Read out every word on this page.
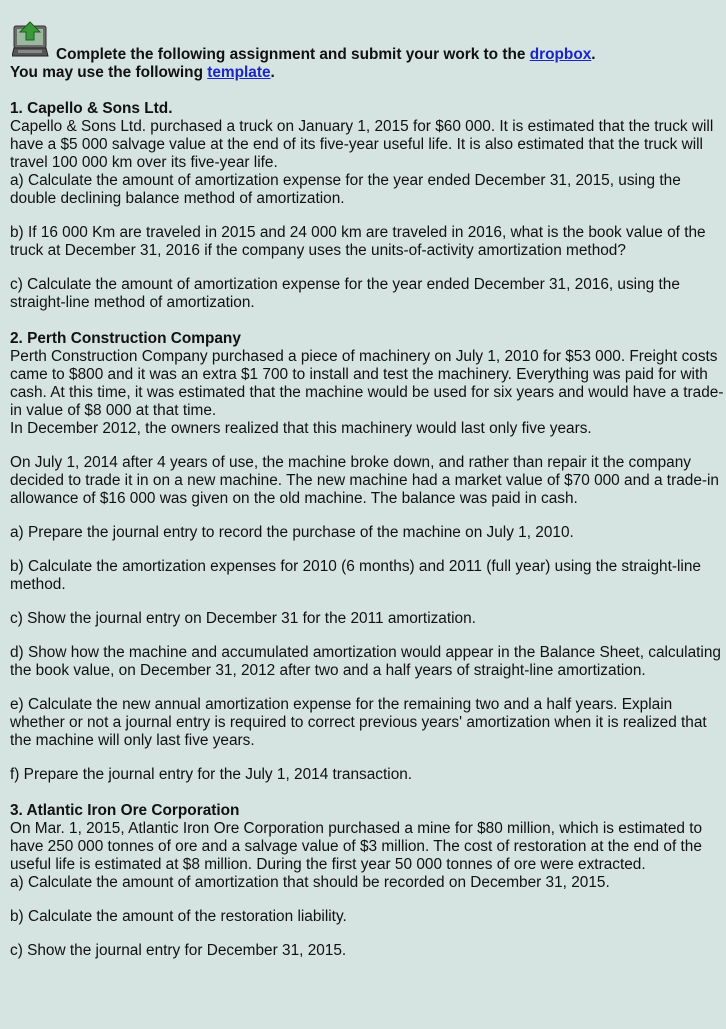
Complete the following assignment and submit your work to the dropbox.
You may use the following template.
1. Capello & Sons Ltd.

Capello & Sons Ltd. purchased a truck on January 1, 2015 for $60 000. It is estimated that the truck will have a $5 000 salvage value at the end of its five-year useful life. It is also estimated that the truck will travel 100 000 km over its five-year life.

a) Calculate the amount of amortization expense for the year ended December 31, 2015, using the double declining balance method of amortization.

b) If 16 000 Km are traveled in 2015 and 24 000 km are traveled in 2016, what is the book value of the truck at December 31, 2016 if the company uses the units-of-activity amortization method?

c) Calculate the amount of amortization expense for the year ended December 31, 2016, using the straight-line method of amortization.

2. Perth Construction Company

Perth Construction Company purchased a piece of machinery on July 1, 2010 for $53 000. Freight costs came to $800 and it was an extra $1 700 to install and test the machinery. Everything was paid for with cash. At this time, it was estimated that the machine would be used for six years and would have a trade-in value of $8 000 at that time.

In December 2012, the owners realized that this machinery would last only five years.

On July 1, 2014 after 4 years of use, the machine broke down, and rather than repair it the company decided to trade it in on a new machine. The new machine had a market value of $70 000 and a trade-in allowance of $16 000 was given on the old machine. The balance was paid in cash.

a) Prepare the journal entry to record the purchase of the machine on July 1, 2010.

b) Calculate the amortization expenses for 2010 (6 months) and 2011 (full year) using the straight-line method.

c) Show the journal entry on December 31 for the 2011 amortization.

d) Show how the machine and accumulated amortization would appear in the Balance Sheet, calculating the book value, on December 31, 2012 after two and a half years of straight-line amortization.

e) Calculate the new annual amortization expense for the remaining two and a half years. Explain whether or not a journal entry is required to correct previous years' amortization when it is realized that the machine will only last five years.

f) Prepare the journal entry for the July 1, 2014 transaction.

3. Atlantic Iron Ore Corporation

On Mar. 1, 2015, Atlantic Iron Ore Corporation purchased a mine for $80 million, which is estimated to have 250 000 tonnes of ore and a salvage value of $3 million. The cost of restoration at the end of the useful life is estimated at $8 million. During the first year 50 000 tonnes of ore were extracted.

a) Calculate the amount of amortization that should be recorded on December 31, 2015.

b) Calculate the amount of the restoration liability.

c) Show the journal entry for December 31, 2015.
